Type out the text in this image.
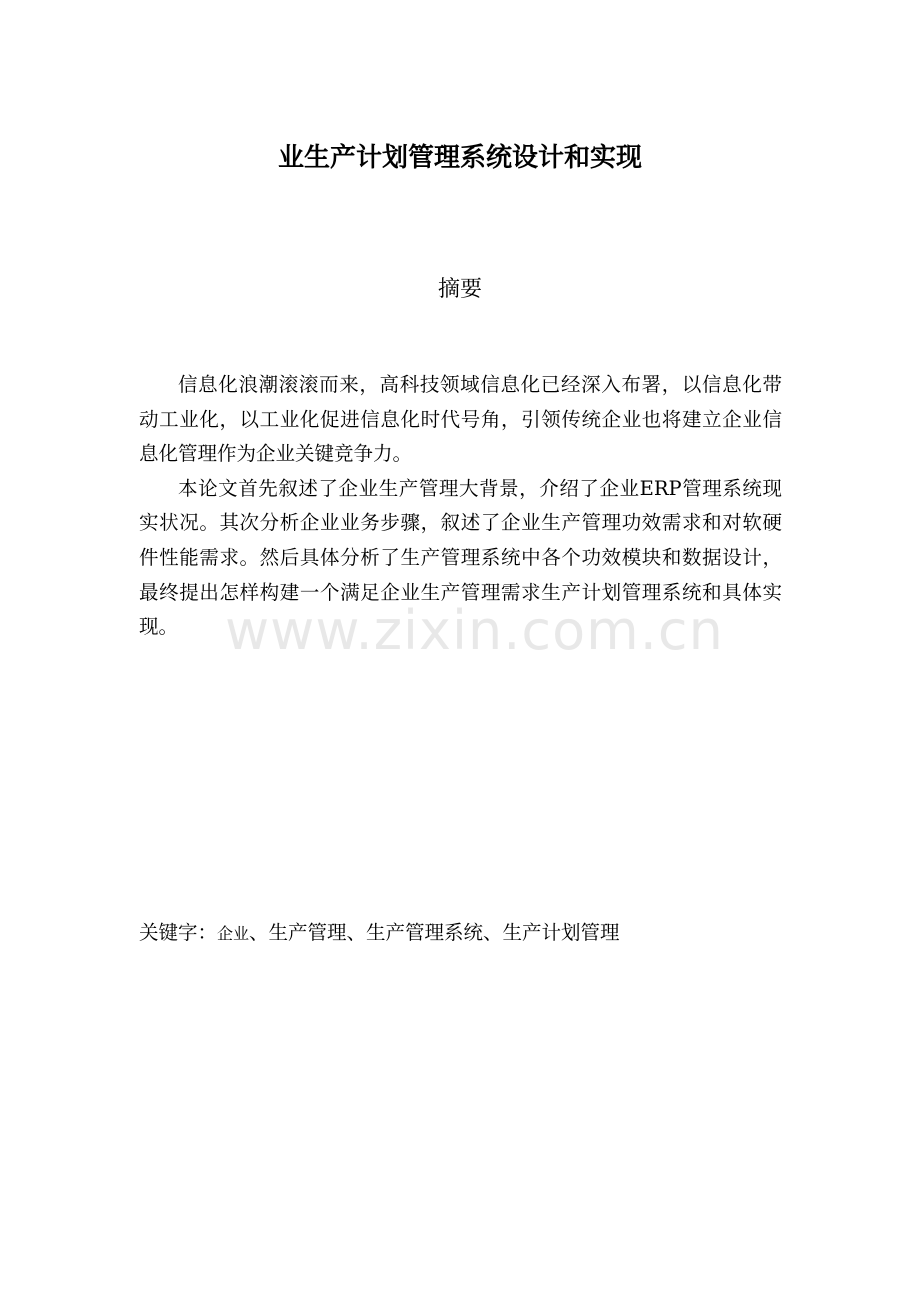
业生产计划管理系统设计和实现
摘要

信息化浪潮滚滚而来，高科技领域信息化已经深入布署，以信息化带动工业化，以工业化促进信息化时代号角，引领传统企业也将建立企业信息化管理作为企业关键竞争力。

本论文首先叙述了企业生产管理大背景，介绍了企业ERP管理系统现实状况。其次分析企业业务步骤，叙述了企业生产管理功效需求和对软硬件性能需求。然后具体分析了生产管理系统中各个功效模块和数据设计，最终提出怎样构建一个满足企业生产管理需求生产计划管理系统和具体实现。 www.zixin.com.cn
关键字：企业、生产管理、生产管理系统、生产计划管理
